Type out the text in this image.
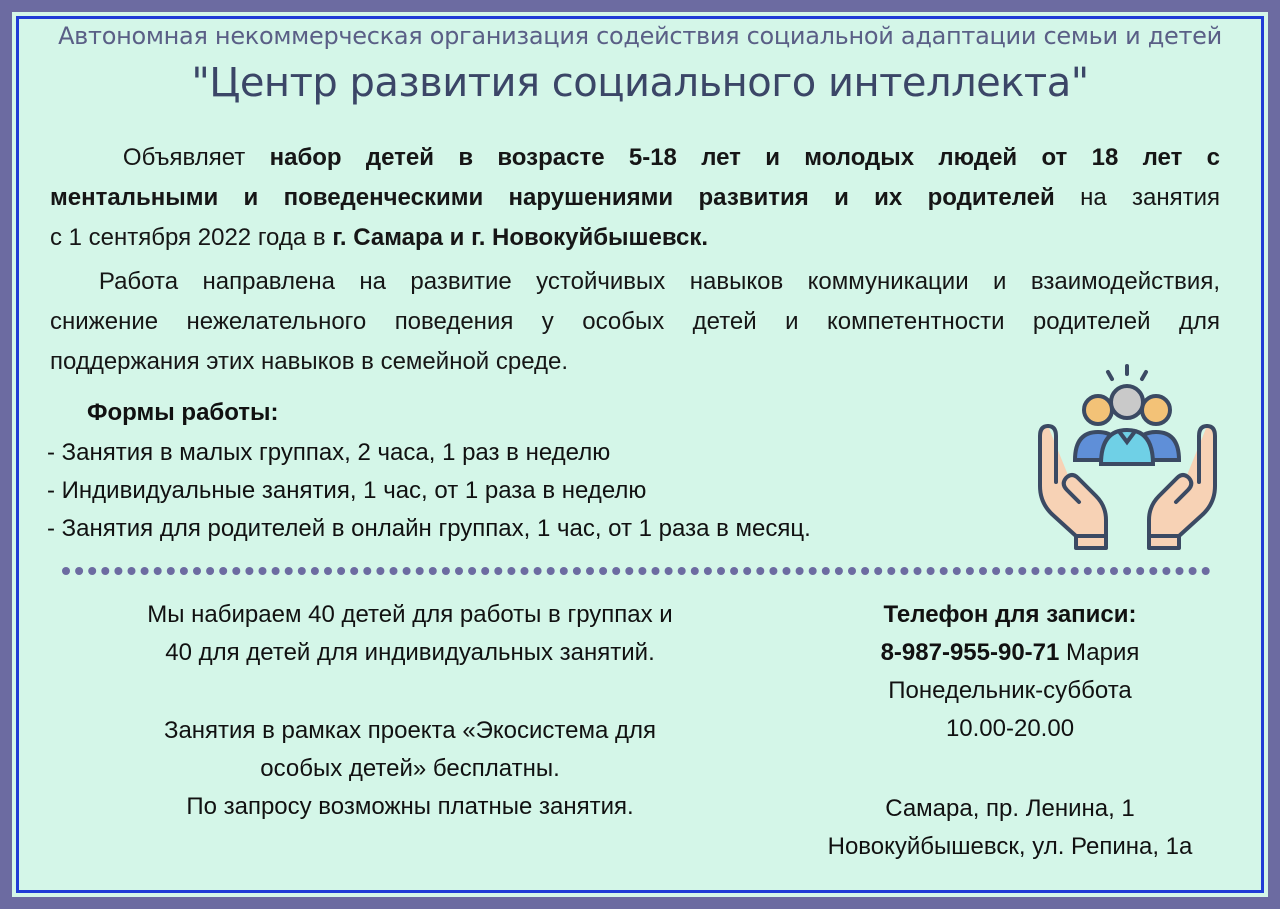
Автономная некоммерческая организация содействия социальной адаптации семьи и детей
"Центр развития социального интеллекта"
Объявляет набор детей в возрасте 5-18 лет и молодых людей от 18 лет с
ментальными и поведенческими нарушениями развития и их родителей на занятия
с 1 сентября 2022 года в г. Самара и г. Новокуйбышевск.
Работа направлена на развитие устойчивых навыков коммуникации и взаимодействия,
снижение нежелательного поведения у особых детей и компетентности родителей для
поддержания этих навыков в семейной среде.
Формы работы:
- Занятия в малых группах, 2 часа, 1 раз в неделю
- Индивидуальные занятия, 1 час, от 1 раза в неделю
- Занятия для родителей в онлайн группах, 1 час, от 1 раза в месяц.
Мы набираем 40 детей для работы в группах и
40 для детей для индивидуальных занятий.
Занятия в рамках проекта «Экосистема для
особых детей» бесплатны.
По запросу возможны платные занятия.
Телефон для записи:
8-987-955-90-71 Мария
Понедельник-суббота
10.00-20.00
Самара, пр. Ленина, 1
Новокуйбышевск, ул. Репина, 1а
